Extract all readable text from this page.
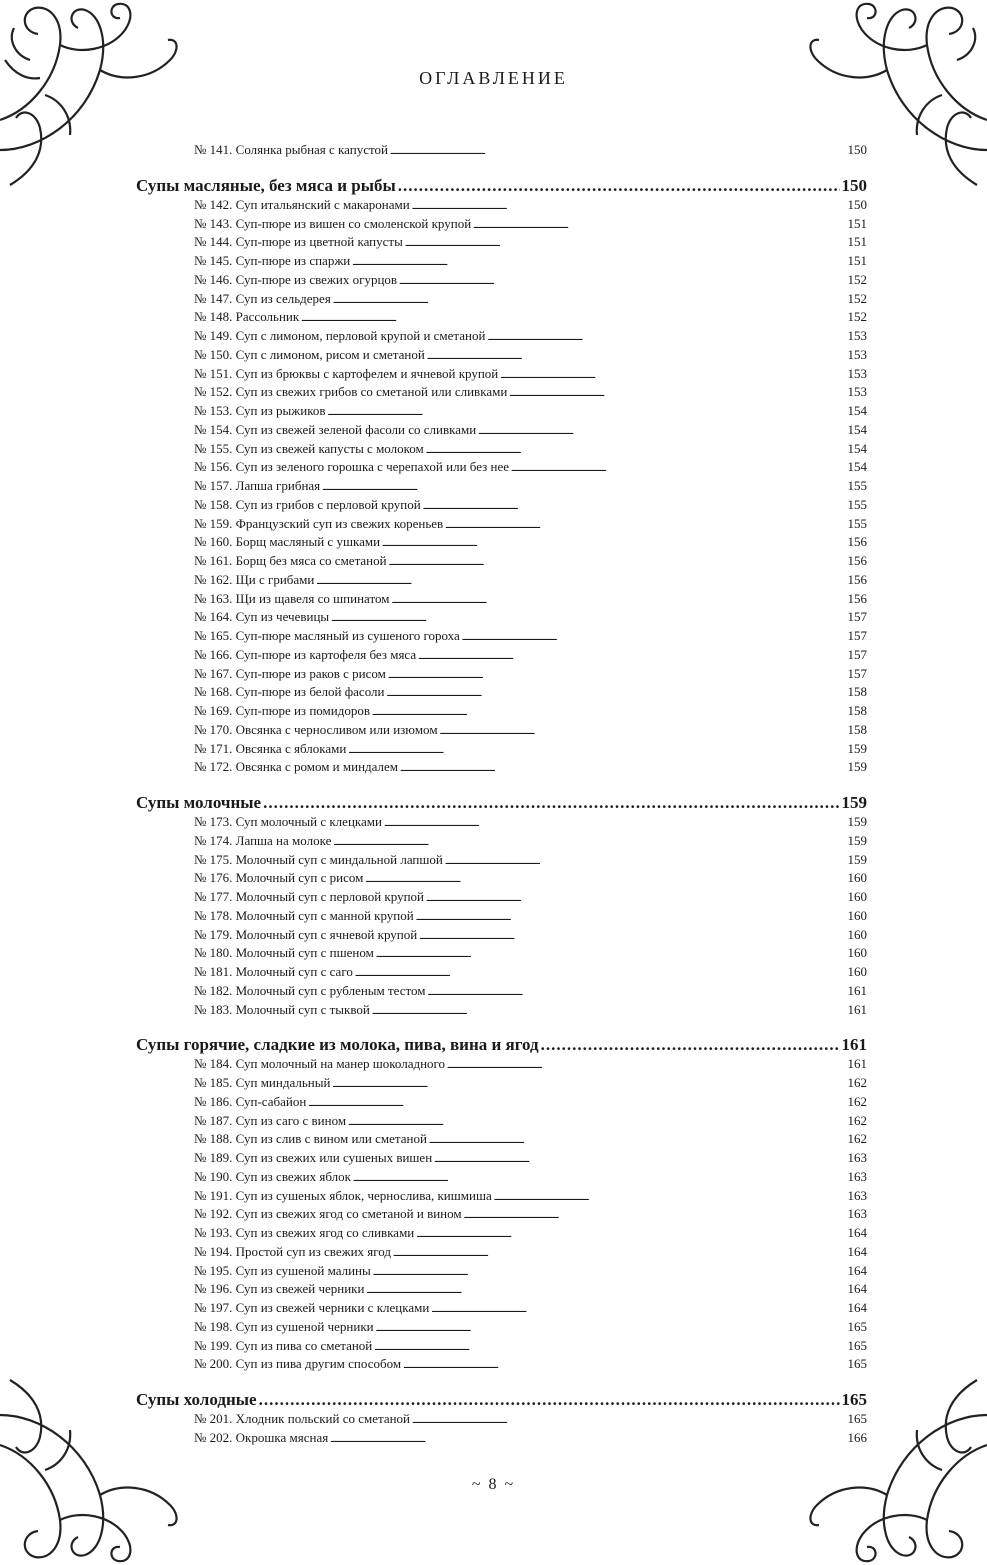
ОГЛАВЛЕНИЕ
№ 141. Солянка рыбная с капустой . . .	150
Супы масляные, без мяса и рыбы .....	150
№ 142. Суп итальянский с макаронами . . .	150
№ 143. Суп-пюре из вишен со смоленской крупой . . .	151
№ 144. Суп-пюре из цветной капусты . . .	151
№ 145. Суп-пюре из спаржи . . .	151
№ 146. Суп-пюре из свежих огурцов . . .	152
№ 147. Суп из сельдерея . . .	152
№ 148. Рассольник . . .	152
№ 149. Суп с лимоном, перловой крупой и сметаной . . .	153
№ 150. Суп с лимоном, рисом и сметаной . . .	153
№ 151. Суп из брюквы с картофелем и ячневой крупой . . .	153
№ 152. Суп из свежих грибов со сметаной или сливками . . .	153
№ 153. Суп из рыжиков . . .	154
№ 154. Суп из свежей зеленой фасоли со сливками . . .	154
№ 155. Суп из свежей капусты с молоком . . .	154
№ 156. Суп из зеленого горошка с черепахой или без нее . . .	154
№ 157. Лапша грибная . . .	155
№ 158. Суп из грибов с перловой крупой . . .	155
№ 159. Французский суп из свежих кореньев . . .	155
№ 160. Борщ масляный с ушками . . .	156
№ 161. Борщ без мяса со сметаной . . .	156
№ 162. Щи с грибами . . .	156
№ 163. Щи из щавеля со шпинатом . . .	156
№ 164. Суп из чечевицы . . .	157
№ 165. Суп-пюре масляный из сушеного гороха . . .	157
№ 166. Суп-пюре из картофеля без мяса . . .	157
№ 167. Суп-пюре из раков с рисом . . .	157
№ 168. Суп-пюре из белой фасоли . . .	158
№ 169. Суп-пюре из помидоров . . .	158
№ 170. Овсянка с черносливом или изюмом . . .	158
№ 171. Овсянка с яблоками . . .	159
№ 172. Овсянка с ромом и миндалем . . .	159
Супы молочные .....	159
№ 173. Суп молочный с клецками . . .	159
№ 174. Лапша на молоке . . .	159
№ 175. Молочный суп с миндальной лапшой . . .	159
№ 176. Молочный суп с рисом . . .	160
№ 177. Молочный суп с перловой крупой . . .	160
№ 178. Молочный суп с манной крупой . . .	160
№ 179. Молочный суп с ячневой крупой . . .	160
№ 180. Молочный суп с пшеном . . .	160
№ 181. Молочный суп с саго . . .	160
№ 182. Молочный суп с рубленым тестом . . .	161
№ 183. Молочный суп с тыквой . . .	161
Супы горячие, сладкие из молока, пива, вина и ягод .....	161
№ 184. Суп молочный на манер шоколадного . . .	161
№ 185. Суп миндальный . . .	162
№ 186. Суп-сабайон . . .	162
№ 187. Суп из саго с вином . . .	162
№ 188. Суп из слив с вином или сметаной . . .	162
№ 189. Суп из свежих или сушеных вишен . . .	163
№ 190. Суп из свежих яблок . . .	163
№ 191. Суп из сушеных яблок, чернослива, кишмиша . . .	163
№ 192. Суп из свежих ягод со сметаной и вином . . .	163
№ 193. Суп из свежих ягод со сливками . . .	164
№ 194. Простой суп из свежих ягод . . .	164
№ 195. Суп из сушеной малины . . .	164
№ 196. Суп из свежей черники . . .	164
№ 197. Суп из свежей черники с клецками . . .	164
№ 198. Суп из сушеной черники . . .	165
№ 199. Суп из пива со сметаной . . .	165
№ 200. Суп из пива другим способом . . .	165
Супы холодные .....	165
№ 201. Хлодник польский со сметаной . . .	165
№ 202. Окрошка мясная . . .	166
~ 8 ~
